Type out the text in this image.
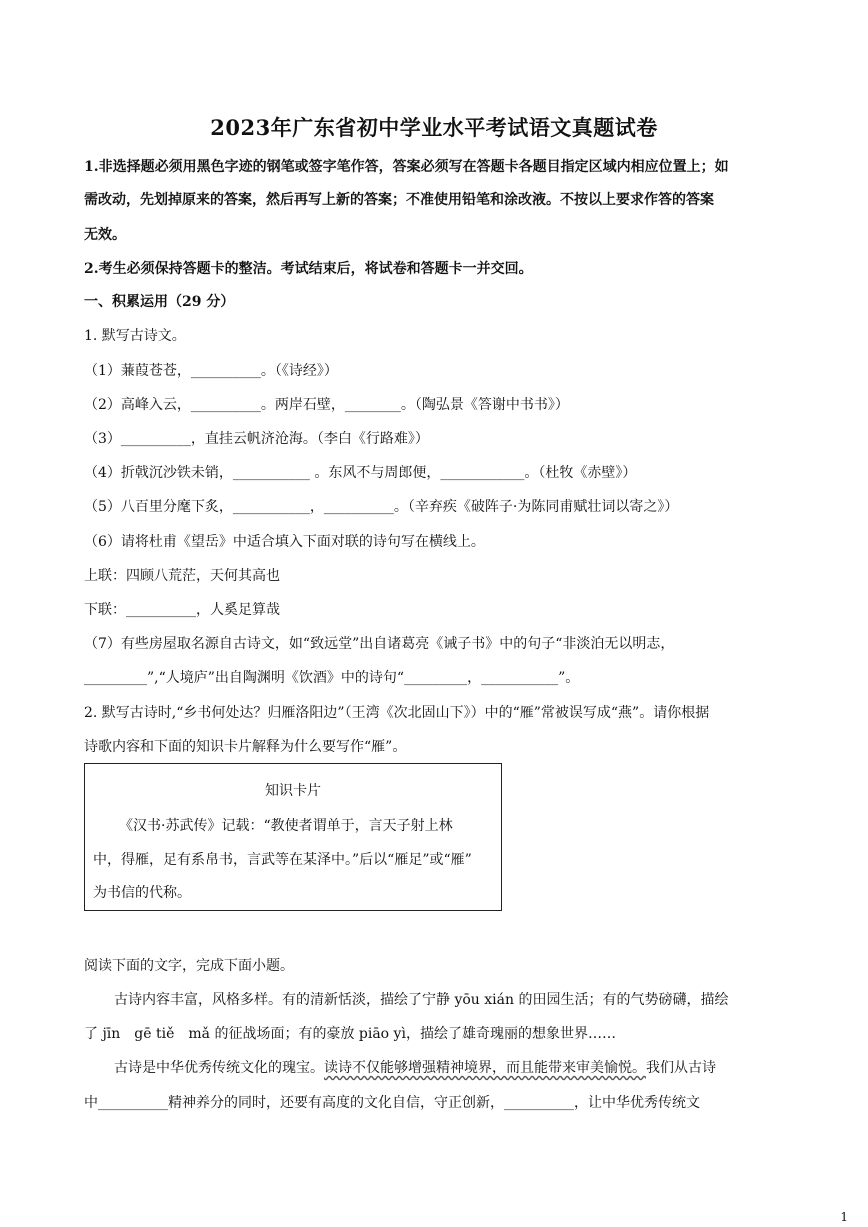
2023年广东省初中学业水平考试语文真题试卷
1.非选择题必须用黑色字迹的钢笔或签字笔作答，答案必须写在答题卡各题目指定区域内相应位置上；如
需改动，先划掉原来的答案，然后再写上新的答案；不准使用铅笔和涂改液。不按以上要求作答的答案
无效。
2.考生必须保持答题卡的整洁。考试结束后，将试卷和答题卡一并交回。
一、积累运用（29 分）
1. 默写古诗文。
（1）蒹葭苍苍，__________。（《诗经》）
（2）高峰入云，__________。两岸石壁，________。（陶弘景《答谢中书书》）
（3）__________，直挂云帆济沧海。（李白《行路难》）
（4）折戟沉沙铁未销，___________ 。东风不与周郎便，____________。（杜牧《赤壁》）
（5）八百里分麾下炙，___________，__________。（辛弃疾《破阵子·为陈同甫赋壮词以寄之》）
（6）请将杜甫《望岳》中适合填入下面对联的诗句写在横线上。
上联：四顾八荒茫，天何其高也
下联：__________，人奚足算哉
（7）有些房屋取名源自古诗文，如“致远堂”出自诸葛亮《诫子书》中的句子“非淡泊无以明志，
_________”,“人境庐”出自陶渊明《饮酒》中的诗句“_________，___________”。
2. 默写古诗时,“乡书何处达？归雁洛阳边”（王湾《次北固山下》）中的“雁”常被误写成“燕”。请你根据
诗歌内容和下面的知识卡片解释为什么要写作“雁”。
知识卡片
《汉书·苏武传》记载：“教使者谓单于，言天子射上林
中，得雁，足有系帛书，言武等在某泽中。”后以“雁足”或“雁”
为书信的代称。
阅读下面的文字，完成下面小题。
古诗内容丰富，风格多样。有的清新恬淡，描绘了宁静 yōu xián 的田园生活；有的气势磅礴，描绘
了 jīn　gē tiě　mǎ 的征战场面；有的豪放 piāo yì，描绘了雄奇瑰丽的想象世界……
古诗是中华优秀传统文化的瑰宝。读诗不仅能够增强精神境界，而且能带来审美愉悦。我们从古诗
中__________精神养分的同时，还要有高度的文化自信，守正创新，__________，让中华优秀传统文
1
